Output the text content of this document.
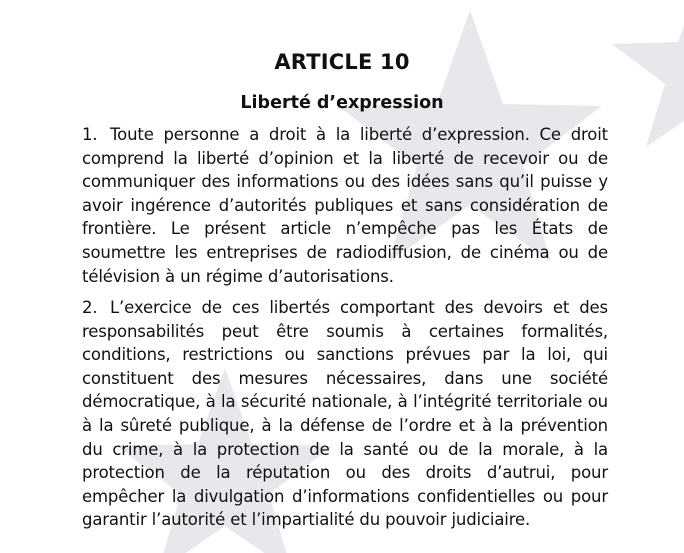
ARTICLE 10
Liberté d’expression

1. Toute personne a droit à la liberté d’expression. Ce droit comprend la liberté d’opinion et la liberté de recevoir ou de communiquer des informations ou des idées sans qu’il puisse y avoir ingérence d’autorités publiques et sans considération de frontière. Le présent article n’empêche pas les États de soumettre les entreprises de radiodiffusion, de cinéma ou de télévision à un régime d’autorisations.

2. L’exercice de ces libertés comportant des devoirs et des responsabilités peut être soumis à certaines formalités, conditions, restrictions ou sanctions prévues par la loi, qui constituent des mesures nécessaires, dans une société démocratique, à la sécurité nationale, à l’intégrité territoriale ou à la sûreté publique, à la défense de l’ordre et à la prévention du crime, à la protection de la santé ou de la morale, à la protection de la réputation ou des droits d’autrui, pour empêcher la divulgation d’informations confidentielles ou pour garantir l’autorité et l’impartialité du pouvoir judiciaire.
